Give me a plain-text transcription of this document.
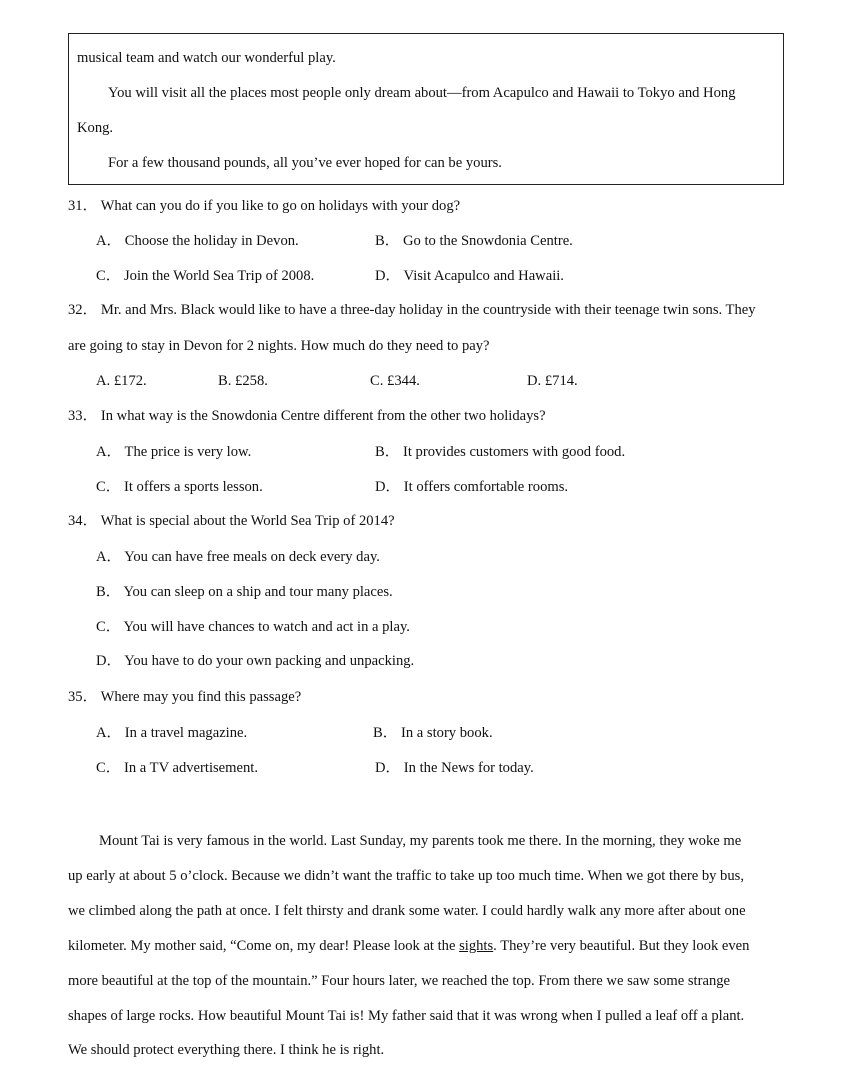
musical team and watch our wonderful play.
You will visit all the places most people only dream about—from Acapulco and Hawaii to Tokyo and Hong
Kong.
For a few thousand pounds, all you’ve ever hoped for can be yours.
31． What can you do if you like to go on holidays with your dog?
A． Choose the holiday in Devon.	B． Go to the Snowdonia Centre.
C． Join the World Sea Trip of 2008.	D． Visit Acapulco and Hawaii.
32． Mr. and Mrs. Black would like to have a three-day holiday in the countryside with their teenage twin sons. They
are going to stay in Devon for 2 nights. How much do they need to pay?
A. £172.	B. £258.	C. £344.	D. £714.
33． In what way is the Snowdonia Centre different from the other two holidays?
A． The price is very low.	B． It provides customers with good food.
C． It offers a sports lesson.	D． It offers comfortable rooms.
34． What is special about the World Sea Trip of 2014?
A． You can have free meals on deck every day.
B． You can sleep on a ship and tour many places.
C． You will have chances to watch and act in a play.
D． You have to do your own packing and unpacking.
35． Where may you find this passage?
A． In a travel magazine.	B． In a story book.
C． In a TV advertisement.	D． In the News for today.
Mount Tai is very famous in the world. Last Sunday, my parents took me there. In the morning, they woke me
up early at about 5 o’clock. Because we didn’t want the traffic to take up too much time. When we got there by bus,
we climbed along the path at once. I felt thirsty and drank some water. I could hardly walk any more after about one
kilometer. My mother said, “Come on, my dear! Please look at the sights. They’re very beautiful. But they look even
more beautiful at the top of the mountain.” Four hours later, we reached the top. From there we saw some strange
shapes of large rocks. How beautiful Mount Tai is! My father said that it was wrong when I pulled a leaf off a plant.
We should protect everything there. I think he is right.
